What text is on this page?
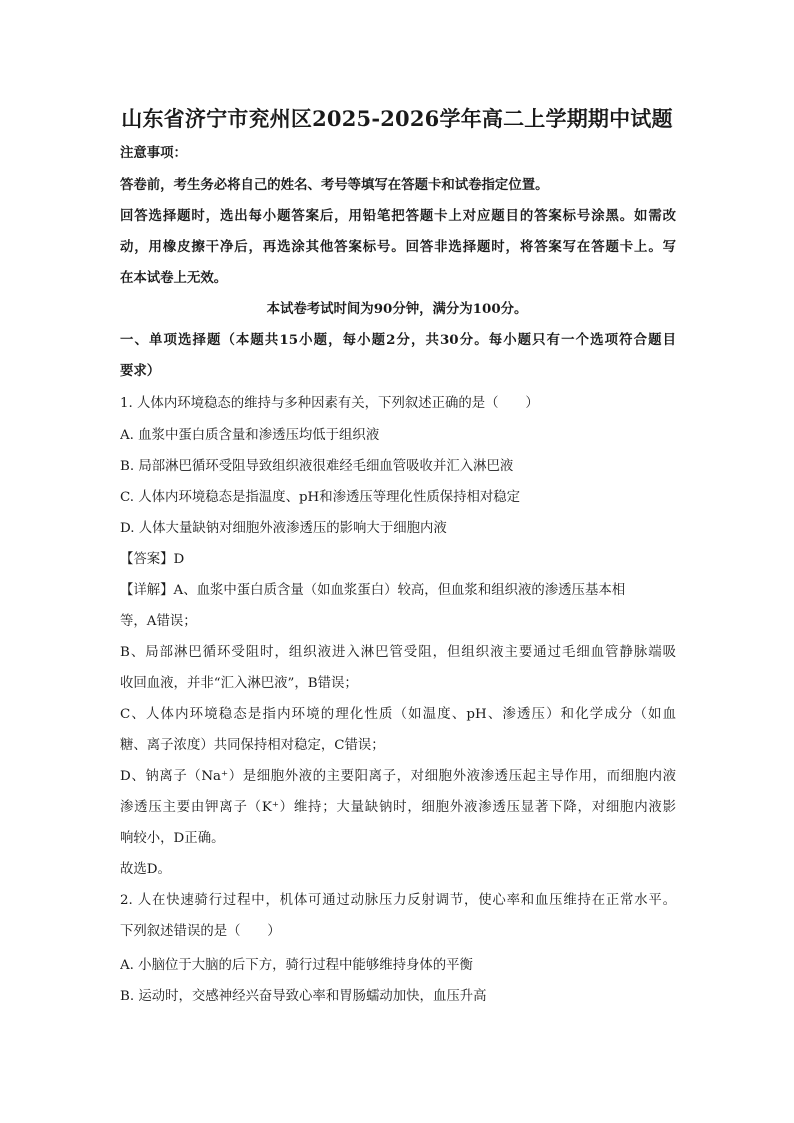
山东省济宁市兖州区2025-2026学年高二上学期期中试题
注意事项：
答卷前，考生务必将自己的姓名、考号等填写在答题卡和试卷指定位置。
回答选择题时，选出每小题答案后，用铅笔把答题卡上对应题目的答案标号涂黑。如需改
动，用橡皮擦干净后，再选涂其他答案标号。回答非选择题时，将答案写在答题卡上。写
在本试卷上无效。
本试卷考试时间为90分钟，满分为100分。
一、单项选择题（本题共15小题，每小题2分，共30分。每小题只有一个选项符合题目
要求）
1. 人体内环境稳态的维持与多种因素有关，下列叙述正确的是（　　）
A. 血浆中蛋白质含量和渗透压均低于组织液
B. 局部淋巴循环受阻导致组织液很难经毛细血管吸收并汇入淋巴液
C. 人体内环境稳态是指温度、pH和渗透压等理化性质保持相对稳定
D. 人体大量缺钠对细胞外液渗透压的影响大于细胞内液
【答案】D
【详解】A、血浆中蛋白质含量（如血浆蛋白）较高，但血浆和组织液的渗透压基本相
等，A错误；
B、局部淋巴循环受阻时，组织液进入淋巴管受阻，但组织液主要通过毛细血管静脉端吸
收回血液，并非“汇入淋巴液”，B错误；
C、人体内环境稳态是指内环境的理化性质（如温度、pH、渗透压）和化学成分（如血
糖、离子浓度）共同保持相对稳定，C错误；
D、钠离子（Na⁺）是细胞外液的主要阳离子，对细胞外液渗透压起主导作用，而细胞内液
渗透压主要由钾离子（K⁺）维持；大量缺钠时，细胞外液渗透压显著下降，对细胞内液影
响较小，D正确。
故选D。
2. 人在快速骑行过程中，机体可通过动脉压力反射调节，使心率和血压维持在正常水平。
下列叙述错误的是（　　）
A. 小脑位于大脑的后下方，骑行过程中能够维持身体的平衡
B. 运动时，交感神经兴奋导致心率和胃肠蠕动加快，血压升高
